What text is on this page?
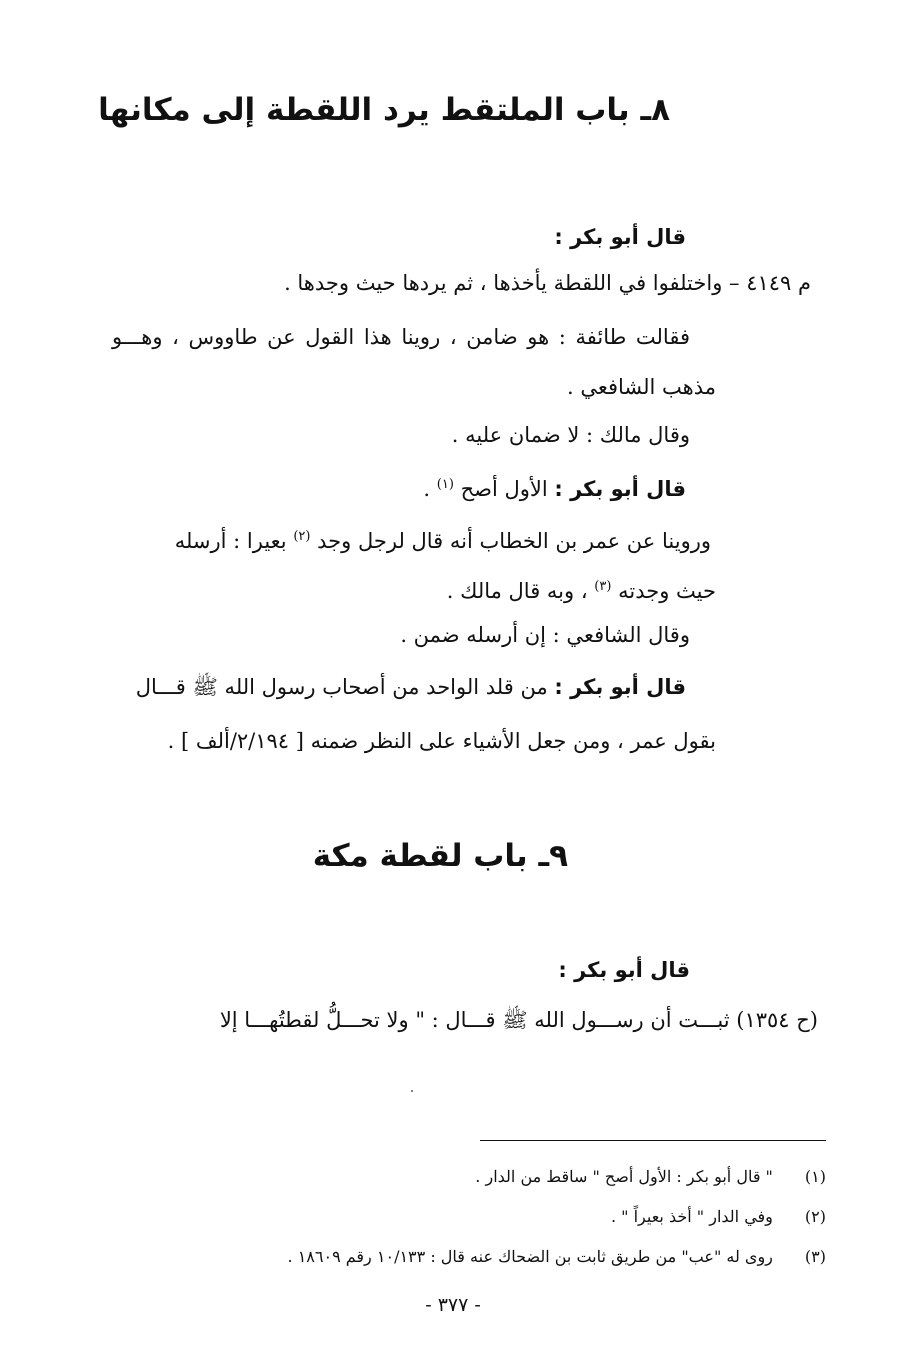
٨ـ باب الملتقط يرد اللقطة إلى مكانها
قال أبو بكر :
م ٤١٤٩ – واختلفوا في اللقطة يأخذها ، ثم يردها حيث وجدها .
فقالت طائفة : هو ضامن ، روينا هذا القول عن طاووس ، وهـــو
مذهب الشافعي .
وقال مالك : لا ضمان عليه .
قال أبو بكر : الأول أصح $^{(١)}$ .
وروينا عن عمر بن الخطاب أنه قال لرجل وجد $^{(٢)}$ بعيرا : أرسله
حيث وجدته $^{(٣)}$ ، وبه قال مالك .
وقال الشافعي : إن أرسله ضمن .
قال أبو بكر : من قلد الواحد من أصحاب رسول الله ﷺ قـــال
بقول عمر ، ومن جعل الأشياء على النظر ضمنه [ ٢/١٩٤/ألف ] .
٩ـ باب لقطة مكة
قال أبو بكر :
(ح ١٣٥٤) ثبـــت أن رســـول الله ﷺ قـــال : " ولا تحـــلُّ لقطتُهـــا إلا
(١) " قال أبو بكر : الأول أصح " ساقط من الدار .
(٢) وفي الدار " أخذ بعيراً " .
(٣) روى له "عب" من طريق ثابت بن الضحاك عنه قال : ١٠/١٣٣ رقم ١٨٦٠٩ .
- ٣٧٧ -
